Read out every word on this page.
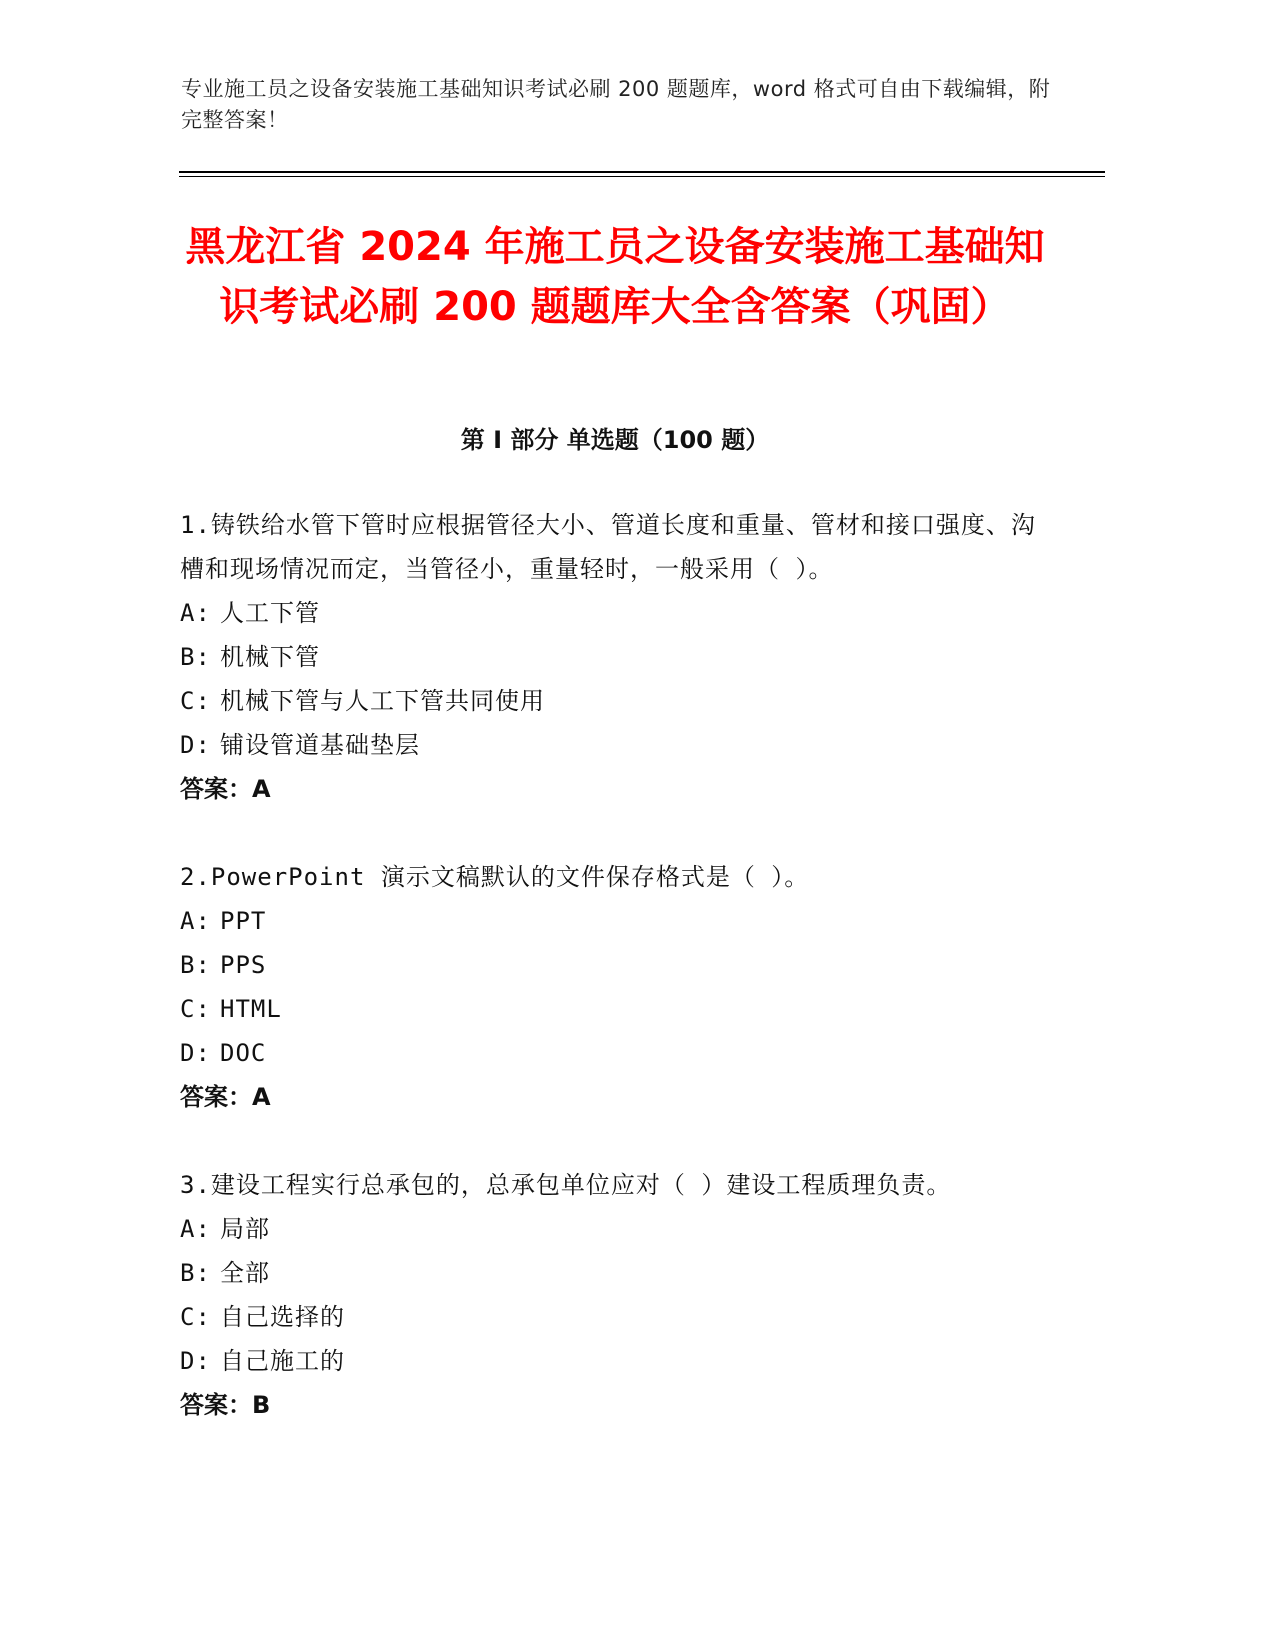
专业施工员之设备安装施工基础知识考试必刷 200 题题库，word 格式可自由下载编辑，附完整答案！
黑龙江省 2024 年施工员之设备安装施工基础知识考试必刷 200 题题库大全含答案（巩固）
第 I 部分 单选题（100 题）
1.铸铁给水管下管时应根据管径大小、管道长度和重量、管材和接口强度、沟槽和现场情况而定，当管径小，重量轻时，一般采用（ ）。
A: 人工下管
B: 机械下管
C: 机械下管与人工下管共同使用
D: 铺设管道基础垫层
答案：A
2.PowerPoint 演示文稿默认的文件保存格式是（ ）。
A: PPT
B: PPS
C: HTML
D: DOC
答案：A
3.建设工程实行总承包的，总承包单位应对（ ）建设工程质理负责。
A: 局部
B: 全部
C: 自己选择的
D: 自己施工的
答案：B
